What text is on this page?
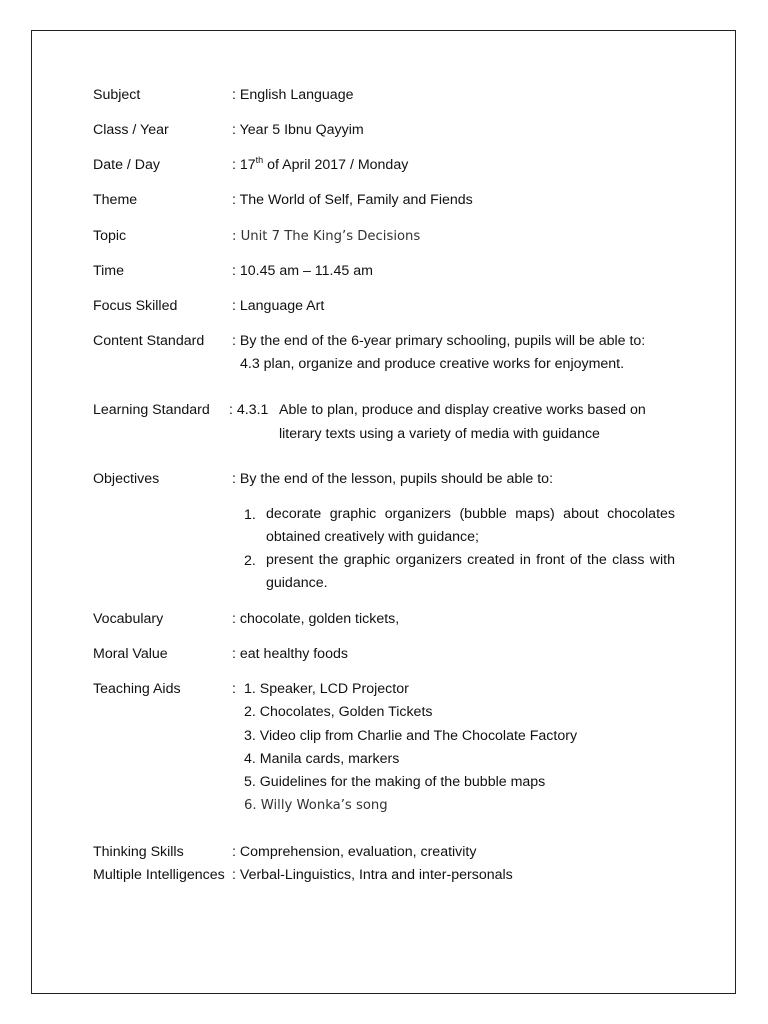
Subject	: English Language
Class / Year	: Year 5 Ibnu Qayyim
Date / Day	: 17th of April 2017 / Monday
Theme	: The World of Self, Family and Fiends
Topic	: Unit 7 The King’s Decisions
Time	: 10.45 am – 11.45 am
Focus Skilled	: Language Art
Content Standard : By the end of the 6-year primary schooling, pupils will be able to:
4.3 plan, organize and produce creative works for enjoyment.
Learning Standard : 4.3.1 Able to plan, produce and display creative works based on
literary texts using a variety of media with guidance
Objectives	: By the end of the lesson, pupils should be able to:
1. decorate graphic organizers (bubble maps) about chocolates obtained creatively with guidance;
2. present the graphic organizers created in front of the class with guidance.
Vocabulary	: chocolate, golden tickets,
Moral Value	: eat healthy foods
Teaching Aids	: 1. Speaker, LCD Projector
2. Chocolates, Golden Tickets
3. Video clip from Charlie and The Chocolate Factory
4. Manila cards, markers
5. Guidelines for the making of the bubble maps
6. Willy Wonka’s song
Thinking Skills	: Comprehension, evaluation, creativity
Multiple Intelligences : Verbal-Linguistics, Intra and inter-personals
